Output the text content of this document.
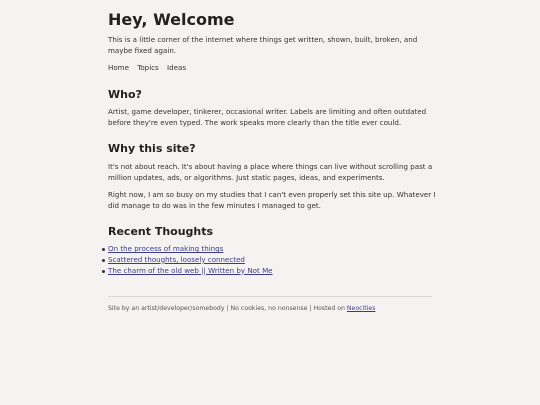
Hey, Welcome

This is a little corner of the internet where things get written, shown, built, broken, and maybe fixed again.

Home Topics Ideas
Who?

Artist, game developer, tinkerer, occasional writer. Labels are limiting and often outdated before they're even typed. The work speaks more clearly than the title ever could.

Why this site?

It's not about reach. It's about having a place where things can live without scrolling past a million updates, ads, or algorithms. Just static pages, ideas, and experiments.

Right now, I am so busy on my studies that I can't even properly set this site up. Whatever I did manage to do was in the few minutes I managed to get.

Recent Thoughts
On the process of making things
Scattered thoughts, loosely connected
The charm of the old web || Written by Not Me
Site by an artist/developer/somebody | No cookies, no nonsense | Hosted on Neocities
